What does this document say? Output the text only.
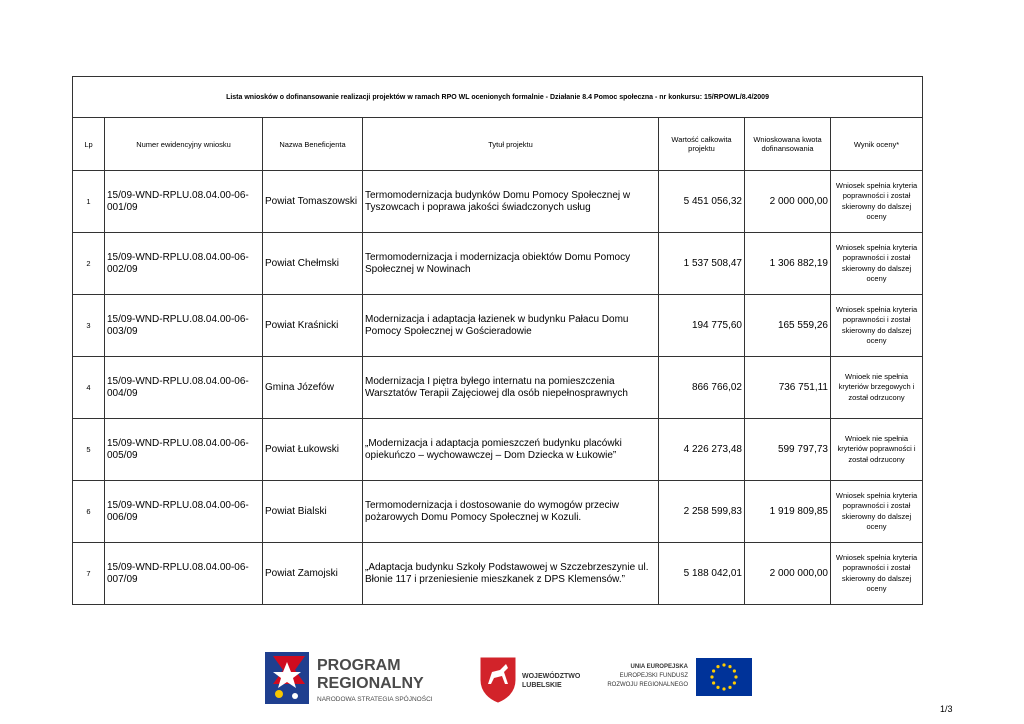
Lista wniosków o dofinansowanie realizacji projektów w ramach RPO WL ocenionych formalnie - Działanie 8.4 Pomoc społeczna - nr konkursu: 15/RPOWL/8.4/2009						
Lp	Numer ewidencyjny wniosku	Nazwa Beneficjenta	Tytuł projektu	Wartość całkowita projektu	Wnioskowana kwota dofinansowania	Wynik oceny*
1	15/09-WND-RPLU.08.04.00-06-001/09	Powiat Tomaszowski	Termomodernizacja budynków Domu Pomocy Społecznej w Tyszowcach i poprawa jakości świadczonych usług	5 451 056,32	2 000 000,00	Wniosek spełnia kryteria poprawności i został skierowny do dalszej oceny
2	15/09-WND-RPLU.08.04.00-06-002/09	Powiat Chełmski	Termomodernizacja i modernizacja obiektów Domu Pomocy Społecznej w Nowinach	1 537 508,47	1 306 882,19	Wniosek spełnia kryteria poprawności i został skierowny do dalszej oceny
3	15/09-WND-RPLU.08.04.00-06-003/09	Powiat Kraśnicki	Modernizacja i adaptacja łazienek w budynku Pałacu Domu Pomocy Społecznej w Gościeradowie	194 775,60	165 559,26	Wniosek spełnia kryteria poprawności i został skierowny do dalszej oceny
4	15/09-WND-RPLU.08.04.00-06-004/09	Gmina Józefów	Modernizacja I piętra byłego internatu na pomieszczenia Warsztatów Terapii Zajęciowej dla osób niepełnosprawnych	866 766,02	736 751,11	Wnioek nie spełnia kryteriów brzegowych i został odrzucony
5	15/09-WND-RPLU.08.04.00-06-005/09	Powiat Łukowski	„Modernizacja i adaptacja pomieszczeń budynku placówki opiekuńczo – wychowawczej – Dom Dziecka w Łukowie”	4 226 273,48	599 797,73	Wnioek nie spełnia kryteriów poprawności i został odrzucony
6	15/09-WND-RPLU.08.04.00-06-006/09	Powiat Bialski	Termomodernizacja i dostosowanie do wymogów przeciw pożarowych Domu Pomocy Społecznej w Kozuli.	2 258 599,83	1 919 809,85	Wniosek spełnia kryteria poprawności i został skierowny do dalszej oceny
7	15/09-WND-RPLU.08.04.00-06-007/09	Powiat Zamojski	„Adaptacja budynku Szkoły Podstawowej w Szczebrzeszynie ul. Błonie 117 i przeniesienie mieszkanek z DPS Klemensów.”	5 188 042,01	2 000 000,00	Wniosek spełnia kryteria poprawności i został skierowny do dalszej oceny
PROGRAM
REGIONALNY
NARODOWA STRATEGIA SPÓJNOŚCI
WOJEWÓDZTWO
LUBELSKIE
UNIA EUROPEJSKA
EUROPEJSKI FUNDUSZ
ROZWOJU REGIONALNEGO
1/3
